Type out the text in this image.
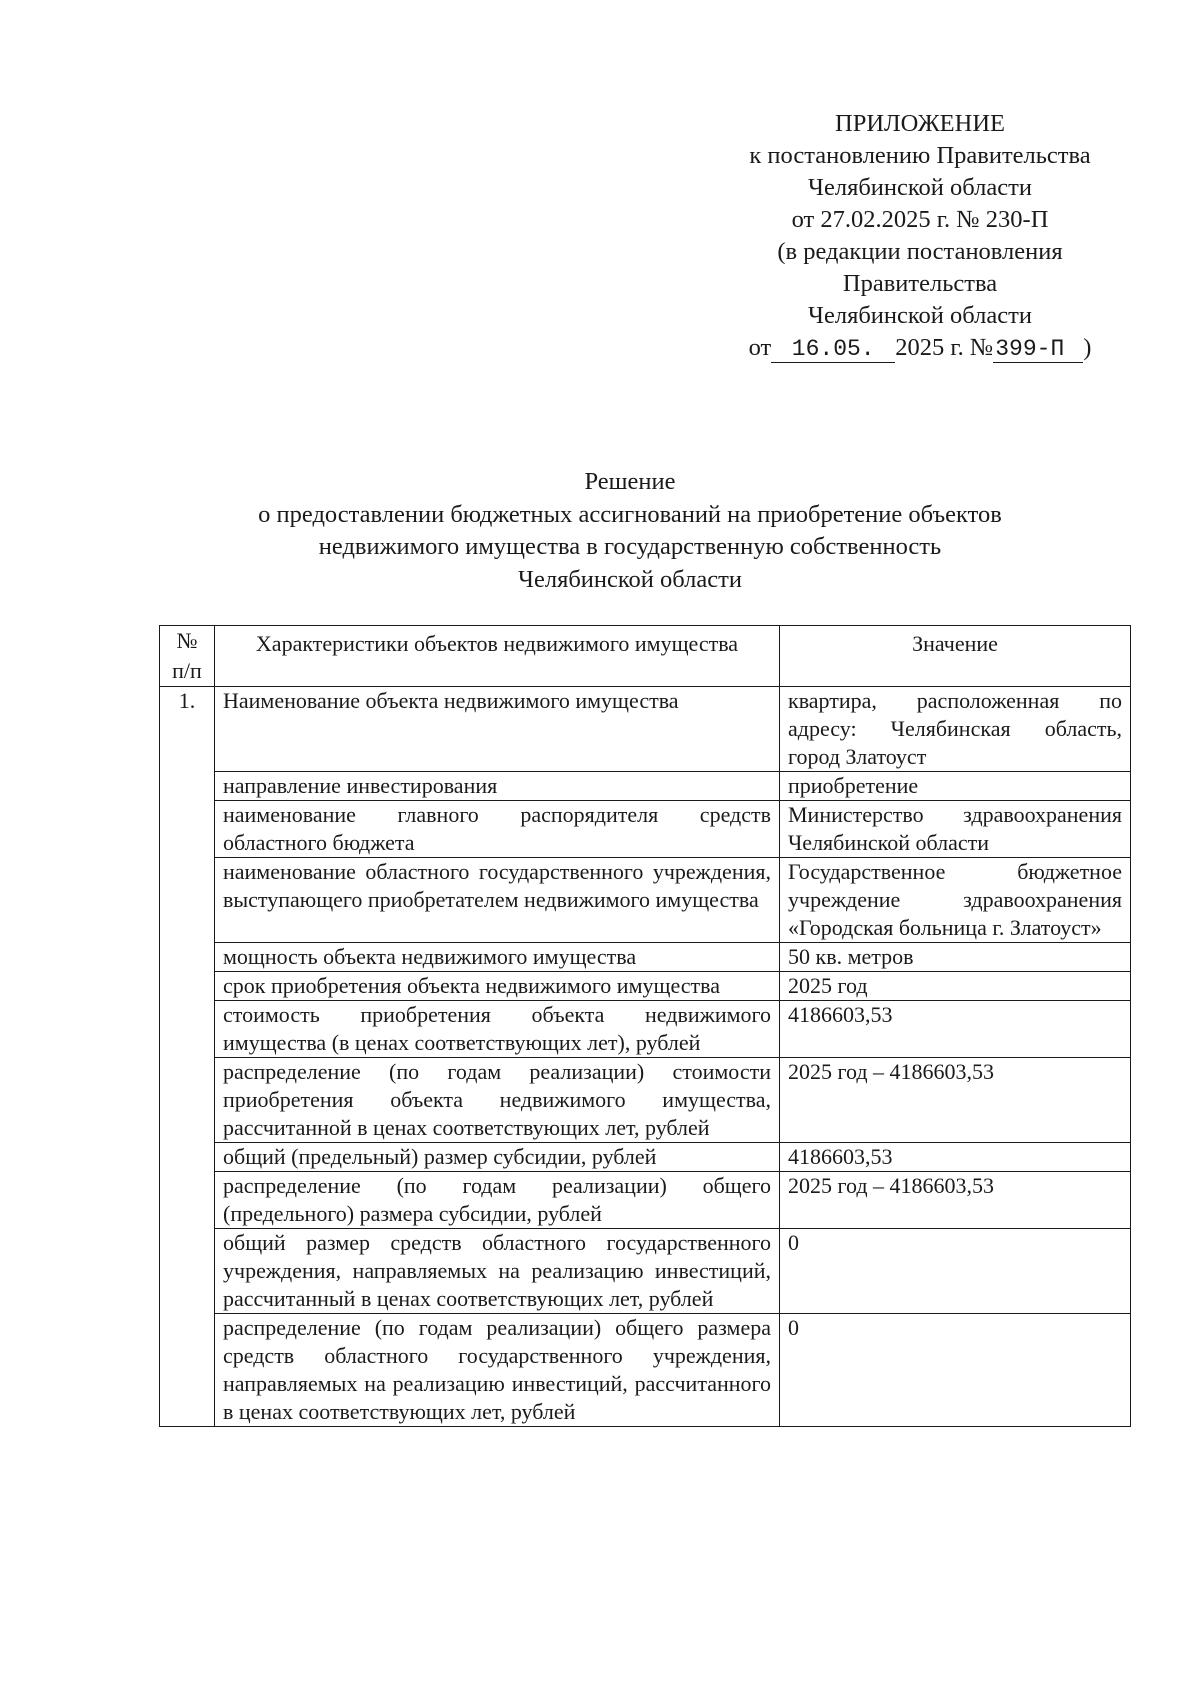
ПРИЛОЖЕНИЕ
к постановлению Правительства
Челябинской области
от 27.02.2025 г. № 230-П
(в редакции постановления
Правительства
Челябинской области
от 16.05. 2025 г. №399-П )
Решение
о предоставлении бюджетных ассигнований на приобретение объектов
недвижимого имущества в государственную собственность
Челябинской области
№ п/п	Характеристики объектов недвижимого имущества	Значение
1.	Наименование объекта недвижимого имущества	квартира, расположенная по адресу: Челябинская область, город Златоуст
	направление инвестирования	приобретение
	наименование главного распорядителя средств областного бюджета	Министерство здравоохранения Челябинской области
	наименование областного государственного учреждения, выступающего приобретателем недвижимого имущества	Государственное бюджетное учреждение здравоохранения «Городская больница г. Златоуст»
	мощность объекта недвижимого имущества	50 кв. метров
	срок приобретения объекта недвижимого имущества	2025 год
	стоимость приобретения объекта недвижимого имущества (в ценах соответствующих лет), рублей	4186603,53
	распределение (по годам реализации) стоимости приобретения объекта недвижимого имущества, рассчитанной в ценах соответствующих лет, рублей	2025 год – 4186603,53
	общий (предельный) размер субсидии, рублей	4186603,53
	распределение (по годам реализации) общего (предельного) размера субсидии, рублей	2025 год – 4186603,53
	общий размер средств областного государственного учреждения, направляемых на реализацию инвестиций, рассчитанный в ценах соответствующих лет, рублей	0
	распределение (по годам реализации) общего размера средств областного государственного учреждения, направляемых на реализацию инвестиций, рассчитанного в ценах соответствующих лет, рублей	0
